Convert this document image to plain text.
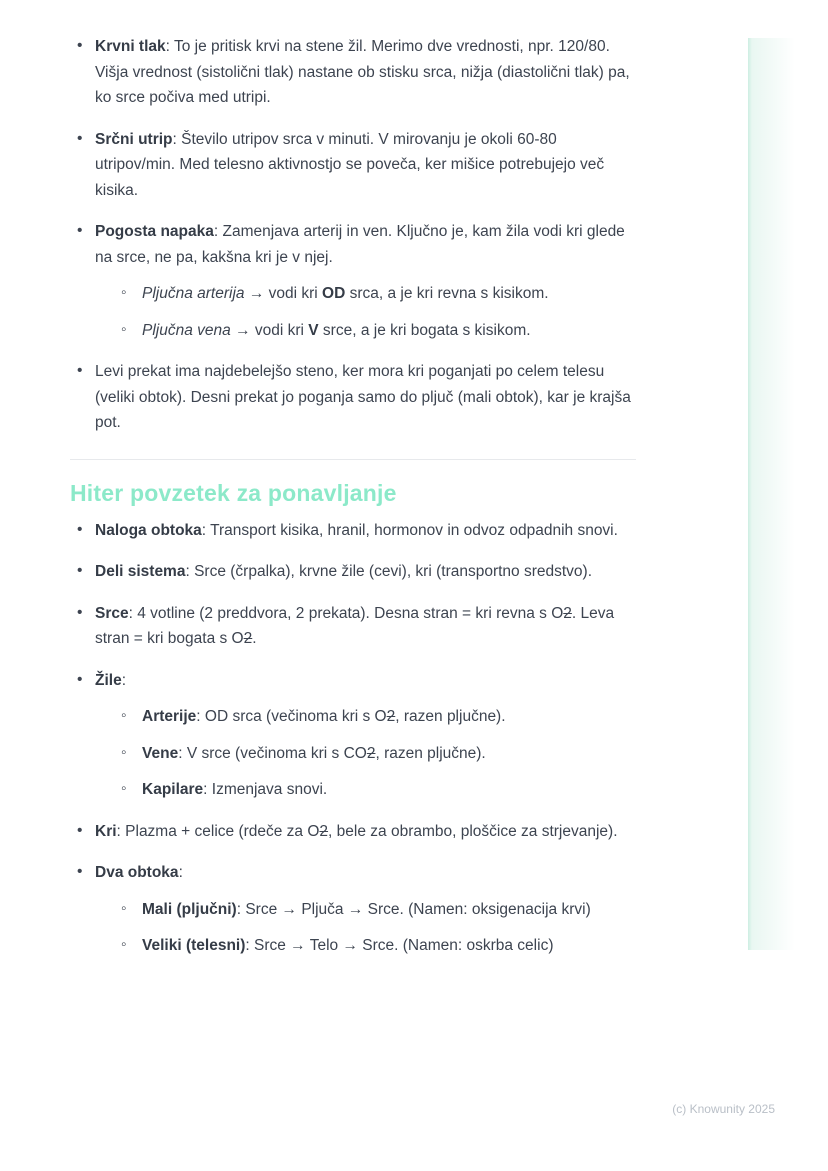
• Krvni tlak: To je pritisk krvi na stene žil. Merimo dve vrednosti, npr. 120/80. Višja vrednost (sistolični tlak) nastane ob stisku srca, nižja (diastolični tlak) pa, ko srce počiva med utripi.
• Srčni utrip: Število utripov srca v minuti. V mirovanju je okoli 60-80 utripov/min. Med telesno aktivnostjo se poveča, ker mišice potrebujejo več kisika.
• Pogosta napaka: Zamenjava arterij in ven. Ključno je, kam žila vodi kri glede na srce, ne pa, kakšna kri je v njej.
◦ Pljučna arterija → vodi kri OD srca, a je kri revna s kisikom.
◦ Pljučna vena → vodi kri V srce, a je kri bogata s kisikom.
• Levi prekat ima najdebelejšo steno, ker mora kri poganjati po celem telesu (veliki obtok). Desni prekat jo poganja samo do pljuč (mali obtok), kar je krajša pot.
Hiter povzetek za ponavljanje
• Naloga obtoka: Transport kisika, hranil, hormonov in odvoz odpadnih snovi.
• Deli sistema: Srce (črpalka), krvne žile (cevi), kri (transportno sredstvo).
• Srce: 4 votline (2 preddvora, 2 prekata). Desna stran = kri revna s O2. Leva stran = kri bogata s O2.
• Žile:
◦ Arterije: OD srca (večinoma kri s O2, razen pljučne).
◦ Vene: V srce (večinoma kri s CO2, razen pljučne).
◦ Kapilare: Izmenjava snovi.
• Kri: Plazma + celice (rdeče za O2, bele za obrambo, ploščice za strjevanje).
• Dva obtoka:
◦ Mali (pljučni): Srce → Pljuča → Srce. (Namen: oksigenacija krvi)
◦ Veliki (telesni): Srce → Telo → Srce. (Namen: oskrba celic)
(c) Knowunity 2025
